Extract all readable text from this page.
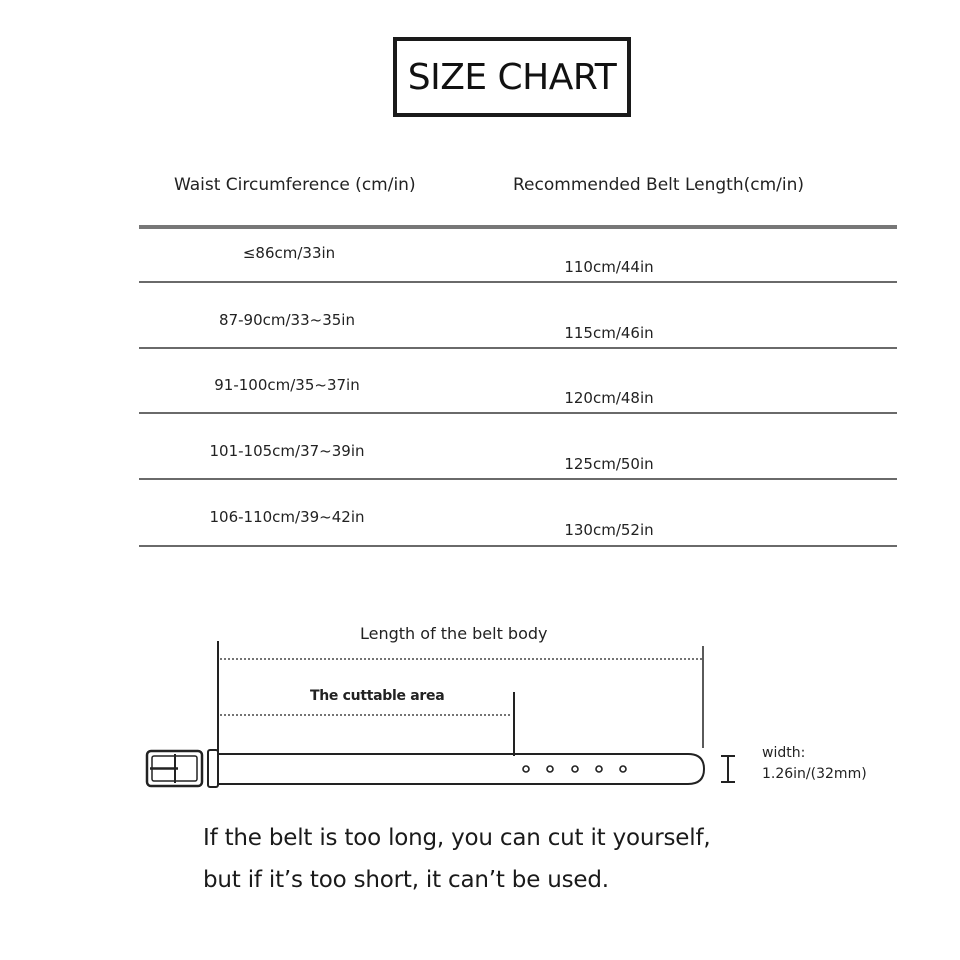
SIZE CHART
Waist Circumference (cm/in)	Recommended Belt Length(cm/in)
≤86cm/33in
110cm/44in
87-90cm/33~35in
115cm/46in
91-100cm/35~37in
120cm/48in
101-105cm/37~39in
125cm/50in
106-110cm/39~42in
130cm/52in
Length of the belt body
The cuttable area
width:
1.26in/(32mm)
If the belt is too long, you can cut it yourself,
but if it’s too short, it can’t be used.
